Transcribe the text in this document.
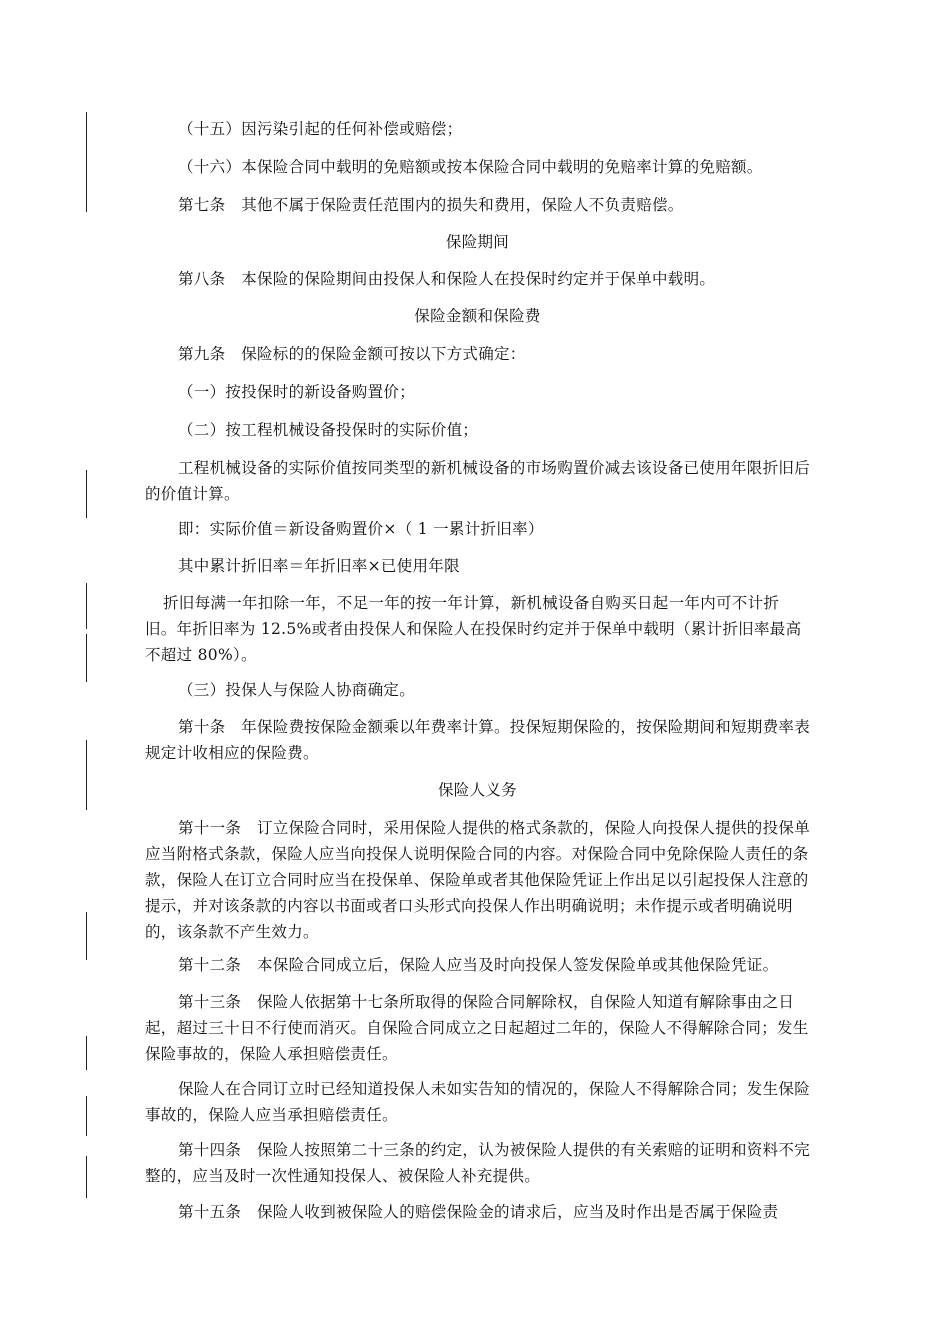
（十五）因污染引起的任何补偿或赔偿；
（十六）本保险合同中载明的免赔额或按本保险合同中载明的免赔率计算的免赔额。
第七条　其他不属于保险责任范围内的损失和费用，保险人不负责赔偿。
保险期间
第八条　本保险的保险期间由投保人和保险人在投保时约定并于保单中载明。
保险金额和保险费
第九条　保险标的的保险金额可按以下方式确定：
（一）按投保时的新设备购置价；
（二）按工程机械设备投保时的实际价值；
工程机械设备的实际价值按同类型的新机械设备的市场购置价减去该设备已使用年限折旧后的价值计算。
即：实际价值＝新设备购置价×（ 1 一累计折旧率）
其中累计折旧率＝年折旧率×已使用年限
折旧每满一年扣除一年，不足一年的按一年计算，新机械设备自购买日起一年内可不计折旧。年折旧率为 12.5%或者由投保人和保险人在投保时约定并于保单中载明（累计折旧率最高不超过 80%）。
（三）投保人与保险人协商确定。
第十条　年保险费按保险金额乘以年费率计算。投保短期保险的，按保险期间和短期费率表规定计收相应的保险费。
保险人义务
第十一条　订立保险合同时，采用保险人提供的格式条款的，保险人向投保人提供的投保单应当附格式条款，保险人应当向投保人说明保险合同的内容。对保险合同中免除保险人责任的条款，保险人在订立合同时应当在投保单、保险单或者其他保险凭证上作出足以引起投保人注意的提示，并对该条款的内容以书面或者口头形式向投保人作出明确说明；未作提示或者明确说明的，该条款不产生效力。
第十二条　本保险合同成立后，保险人应当及时向投保人签发保险单或其他保险凭证。
第十三条　保险人依据第十七条所取得的保险合同解除权，自保险人知道有解除事由之日起，超过三十日不行使而消灭。自保险合同成立之日起超过二年的，保险人不得解除合同；发生保险事故的，保险人承担赔偿责任。
保险人在合同订立时已经知道投保人未如实告知的情况的，保险人不得解除合同；发生保险事故的，保险人应当承担赔偿责任。
第十四条　保险人按照第二十三条的约定，认为被保险人提供的有关索赔的证明和资料不完整的，应当及时一次性通知投保人、被保险人补充提供。
第十五条　保险人收到被保险人的赔偿保险金的请求后，应当及时作出是否属于保险责
